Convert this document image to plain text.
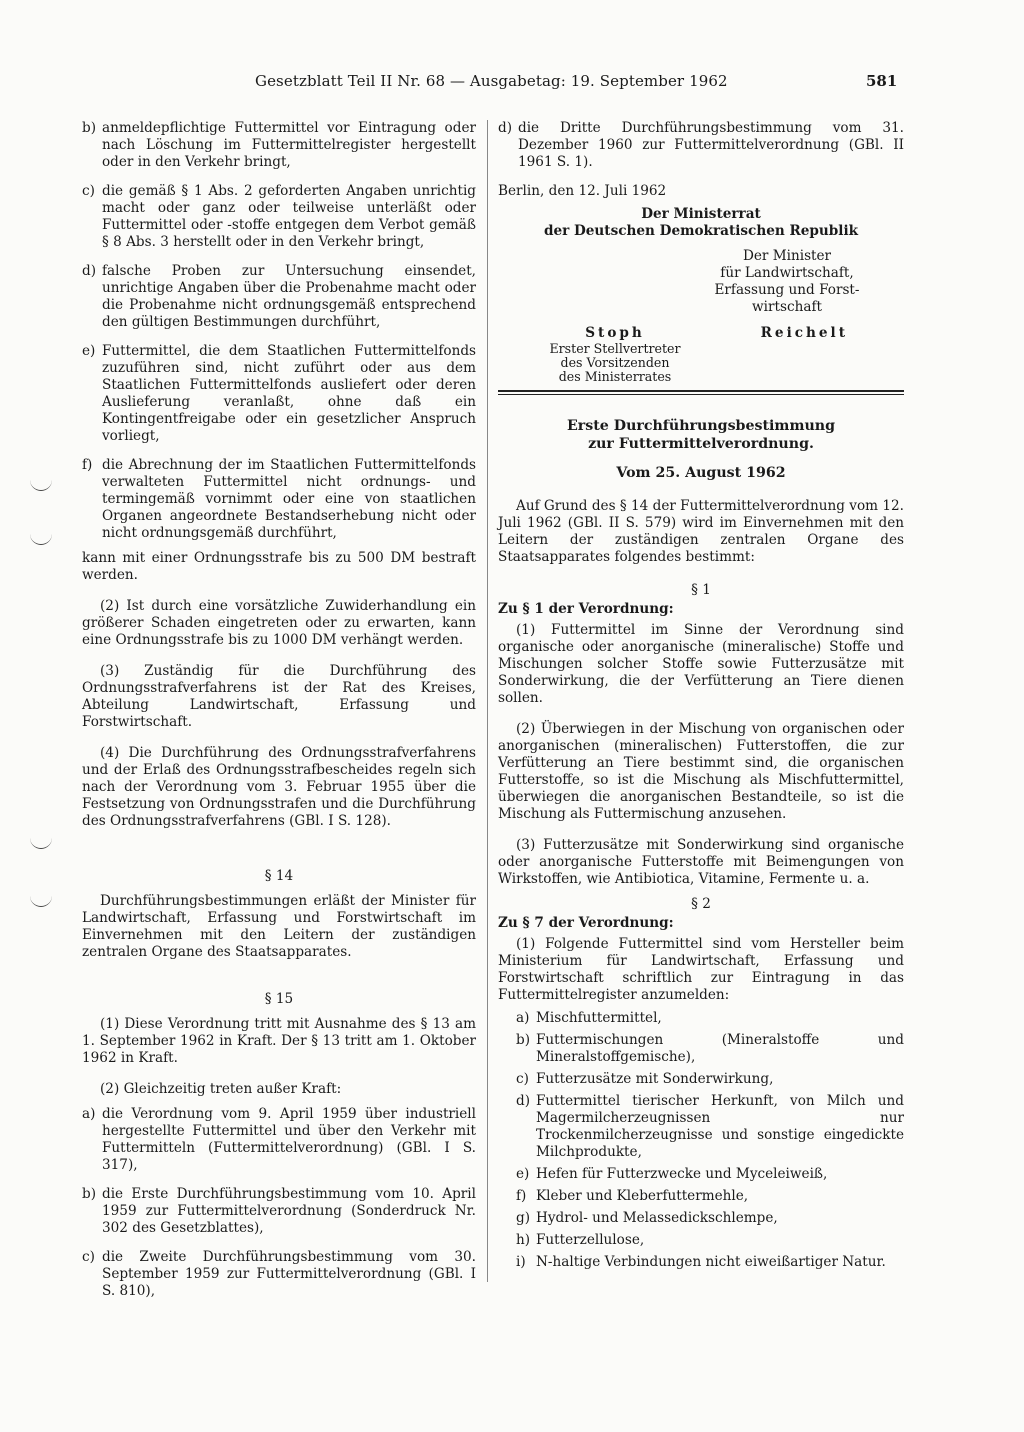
Gesetzblatt Teil II Nr. 68 — Ausgabetag: 19. September 1962	581
b) anmeldepflichtige Futtermittel vor Eintragung oder nach Löschung im Futtermittelregister hergestellt oder in den Verkehr bringt,
c) die gemäß § 1 Abs. 2 geforderten Angaben unrichtig macht oder ganz oder teilweise unterläßt oder Futtermittel oder -stoffe entgegen dem Verbot gemäß § 8 Abs. 3 herstellt oder in den Verkehr bringt,
d) falsche Proben zur Untersuchung einsendet, unrichtige Angaben über die Probenahme macht oder die Probenahme nicht ordnungsgemäß entsprechend den gültigen Bestimmungen durchführt,
e) Futtermittel, die dem Staatlichen Futtermittelfonds zuzuführen sind, nicht zuführt oder aus dem Staatlichen Futtermittelfonds ausliefert oder deren Auslieferung veranlaßt, ohne daß ein Kontingentfreigabe oder ein gesetzlicher Anspruch vorliegt,
f) die Abrechnung der im Staatlichen Futtermittelfonds verwalteten Futtermittel nicht ordnungs- und termingemäß vornimmt oder eine von staatlichen Organen angeordnete Bestandserhebung nicht oder nicht ordnungsgemäß durchführt,

kann mit einer Ordnungsstrafe bis zu 500 DM bestraft werden.

(2) Ist durch eine vorsätzliche Zuwiderhandlung ein größerer Schaden eingetreten oder zu erwarten, kann eine Ordnungsstrafe bis zu 1000 DM verhängt werden.

(3) Zuständig für die Durchführung des Ordnungsstrafverfahrens ist der Rat des Kreises, Abteilung Landwirtschaft, Erfassung und Forstwirtschaft.

(4) Die Durchführung des Ordnungsstrafverfahrens und der Erlaß des Ordnungsstrafbescheides regeln sich nach der Verordnung vom 3. Februar 1955 über die Festsetzung von Ordnungsstrafen und die Durchführung des Ordnungsstrafverfahrens (GBl. I S. 128).

§ 14

Durchführungsbestimmungen erläßt der Minister für Landwirtschaft, Erfassung und Forstwirtschaft im Einvernehmen mit den Leitern der zuständigen zentralen Organe des Staatsapparates.

§ 15

(1) Diese Verordnung tritt mit Ausnahme des § 13 am 1. September 1962 in Kraft. Der § 13 tritt am 1. Oktober 1962 in Kraft.

(2) Gleichzeitig treten außer Kraft:

a) die Verordnung vom 9. April 1959 über industriell hergestellte Futtermittel und über den Verkehr mit Futtermitteln (Futtermittelverordnung) (GBl. I S. 317),
b) die Erste Durchführungsbestimmung vom 10. April 1959 zur Futtermittelverordnung (Sonderdruck Nr. 302 des Gesetzblattes),
c) die Zweite Durchführungsbestimmung vom 30. September 1959 zur Futtermittelverordnung (GBl. I S. 810),
d) die Dritte Durchführungsbestimmung vom 31. Dezember 1960 zur Futtermittelverordnung (GBl. II 1961 S. 1).

Berlin, den 12. Juli 1962

Der Ministerrat
der Deutschen Demokratischen Republik
Der Minister
für Landwirtschaft,
Erfassung und Forst-
wirtschaft
Reichelt
Stoph
Erster Stellvertreter
des Vorsitzenden
des Ministerrates
Erste Durchführungsbestimmung
zur Futtermittelverordnung.
Vom 25. August 1962

Auf Grund des § 14 der Futtermittelverordnung vom 12. Juli 1962 (GBl. II S. 579) wird im Einvernehmen mit den Leitern der zuständigen zentralen Organe des Staatsapparates folgendes bestimmt:

§ 1
Zu § 1 der Verordnung:

(1) Futtermittel im Sinne der Verordnung sind organische oder anorganische (mineralische) Stoffe und Mischungen solcher Stoffe sowie Futterzusätze mit Sonderwirkung, die der Verfütterung an Tiere dienen sollen.

(2) Überwiegen in der Mischung von organischen oder anorganischen (mineralischen) Futterstoffen, die zur Verfütterung an Tiere bestimmt sind, die organischen Futterstoffe, so ist die Mischung als Mischfuttermittel, überwiegen die anorganischen Bestandteile, so ist die Mischung als Futtermischung anzusehen.

(3) Futterzusätze mit Sonderwirkung sind organische oder anorganische Futterstoffe mit Beimengungen von Wirkstoffen, wie Antibiotica, Vitamine, Fermente u. a.

§ 2
Zu § 7 der Verordnung:

(1) Folgende Futtermittel sind vom Hersteller beim Ministerium für Landwirtschaft, Erfassung und Forstwirtschaft schriftlich zur Eintragung in das Futtermittelregister anzumelden:

a) Mischfuttermittel,
b) Futtermischungen (Mineralstoffe und Mineralstoffgemische),
c) Futterzusätze mit Sonderwirkung,
d) Futtermittel tierischer Herkunft, von Milch und Magermilcherzeugnissen nur Trockenmilcherzeugnisse und sonstige eingedickte Milchprodukte,
e) Hefen für Futterzwecke und Myceleiweiß,
f) Kleber und Kleberfuttermehle,
g) Hydrol- und Melassedickschlempe,
h) Futterzellulose,
i) N-haltige Verbindungen nicht eiweißartiger Natur.
